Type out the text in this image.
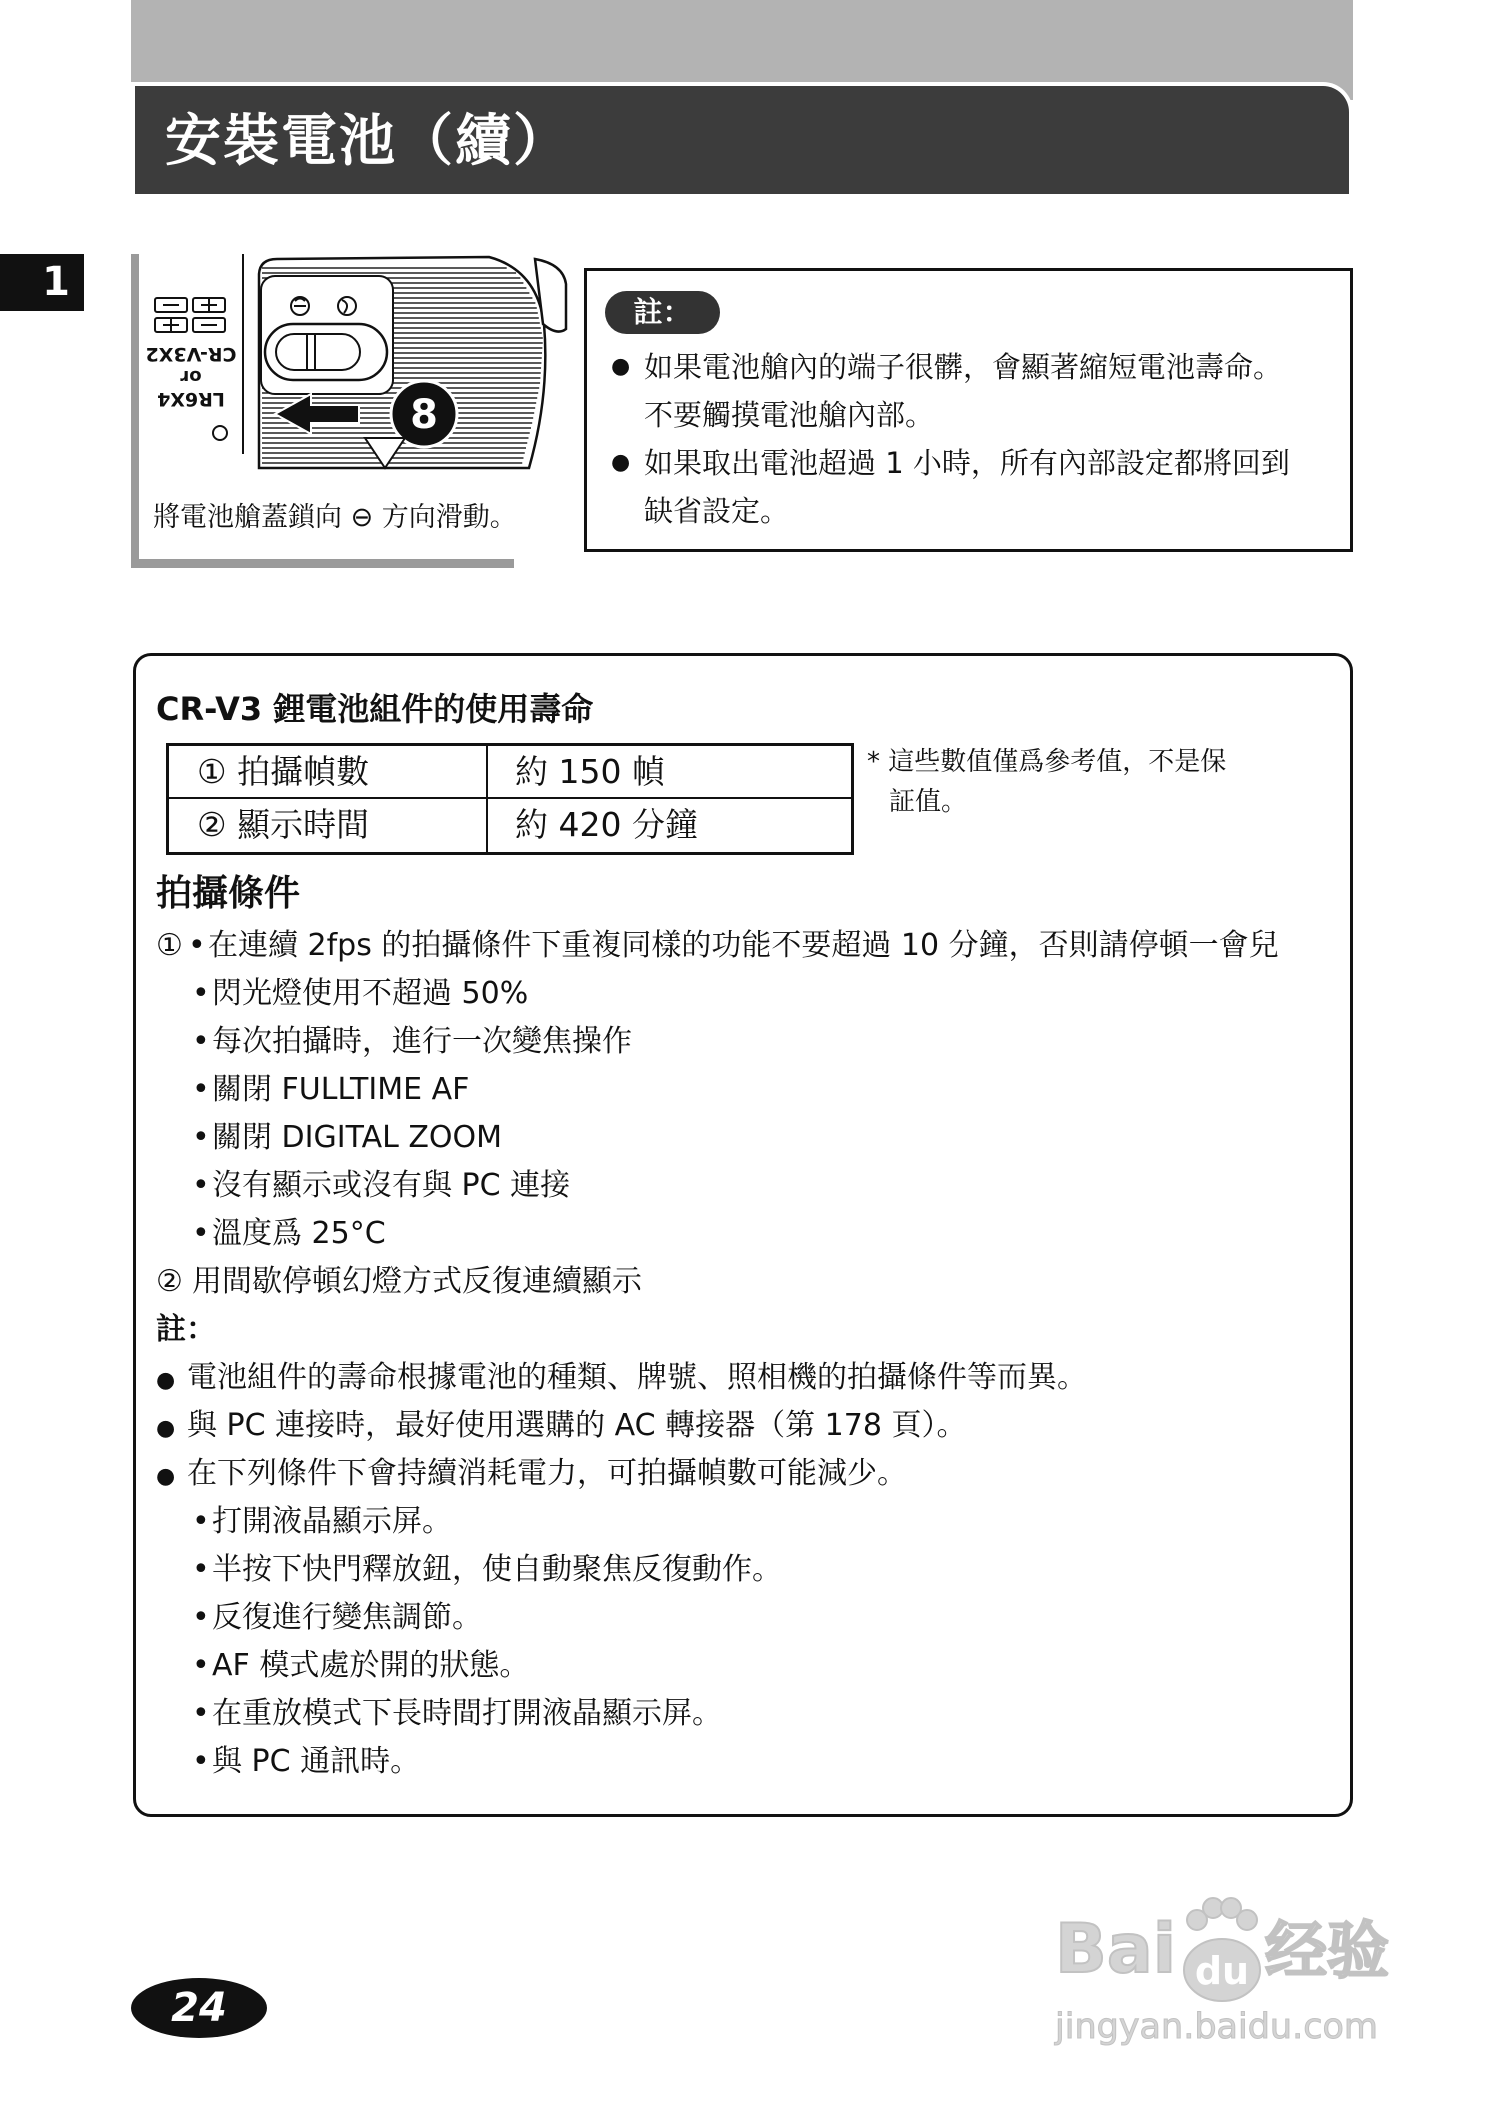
安裝電池（續）
1
CR-V3X2
or
LR6X4	8
將電池艙蓋鎖向 ⊖ 方向滑動。
註：
● 如果電池艙內的端子很髒，會顯著縮短電池壽命。
不要觸摸電池艙內部。
● 如果取出電池超過 1 小時，所有內部設定都將回到
缺省設定。
CR-V3 鋰電池組件的使用壽命
① 拍攝幀數	約 150 幀
② 顯示時間	約 420 分鐘
* 這些數值僅爲參考值，不是保
証值。
拍攝條件
① •在連續 2fps 的拍攝條件下重複同樣的功能不要超過 10 分鐘，否則請停頓一會兒
•閃光燈使用不超過 50%
•每次拍攝時，進行一次變焦操作
•關閉 FULLTIME AF
•關閉 DIGITAL ZOOM
•沒有顯示或沒有與 PC 連接
•溫度爲 25°C
② 用間歇停頓幻燈方式反復連續顯示
註：
● 電池組件的壽命根據電池的種類、牌號、照相機的拍攝條件等而異。
● 與 PC 連接時，最好使用選購的 AC 轉接器（第 178 頁）。
● 在下列條件下會持續消耗電力，可拍攝幀數可能減少。
•打開液晶顯示屏。
•半按下快門釋放鈕，使自動聚焦反復動作。
•反復進行變焦調節。
•AF 模式處於開的狀態。
•在重放模式下長時間打開液晶顯示屏。
•與 PC 通訊時。
24
Bai du 经验
jingyan.baidu.com
